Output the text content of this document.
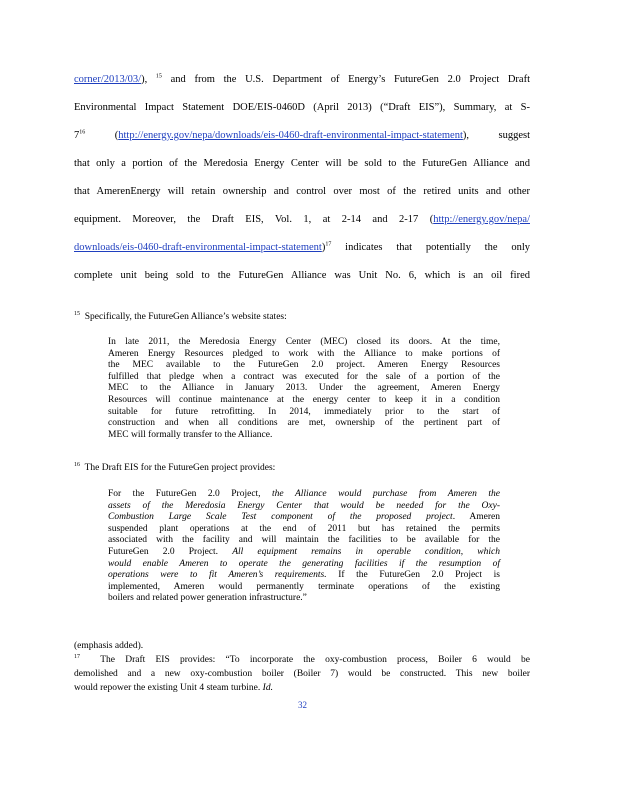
corner/2013/03/), $^{15}$ and from the U.S. Department of Energy’s FutureGen 2.0 Project Draft
Environmental Impact Statement DOE/EIS-0460D (April 2013) (“Draft EIS”), Summary, at S-
$7^{16}$ (http://energy.gov/nepa/downloads/eis-0460-draft-environmental-impact-statement), suggest
that only a portion of the Meredosia Energy Center will be sold to the FutureGen Alliance and
that AmerenEnergy will retain ownership and control over most of the retired units and other
equipment. Moreover, the Draft EIS, Vol. 1, at 2-14 and 2-17 (http://energy.gov/nepa/
downloads/eis-0460-draft-environmental-impact-statement)$^{17}$ indicates that potentially the only
complete unit being sold to the FutureGen Alliance was Unit No. 6, which is an oil fired
$^{15}$ Specifically, the FutureGen Alliance’s website states:
In late 2011, the Meredosia Energy Center (MEC) closed its doors. At the time,
Ameren Energy Resources pledged to work with the Alliance to make portions of
the MEC available to the FutureGen 2.0 project. Ameren Energy Resources
fulfilled that pledge when a contract was executed for the sale of a portion of the
MEC to the Alliance in January 2013. Under the agreement, Ameren Energy
Resources will continue maintenance at the energy center to keep it in a condition
suitable for future retrofitting. In 2014, immediately prior to the start of
construction and when all conditions are met, ownership of the pertinent part of
MEC will formally transfer to the Alliance.
$^{16}$ The Draft EIS for the FutureGen project provides:
For the FutureGen 2.0 Project, the Alliance would purchase from Ameren the
assets of the Meredosia Energy Center that would be needed for the Oxy-
Combustion Large Scale Test component of the proposed project. Ameren
suspended plant operations at the end of 2011 but has retained the permits
associated with the facility and will maintain the facilities to be available for the
FutureGen 2.0 Project. All equipment remains in operable condition, which
would enable Ameren to operate the generating facilities if the resumption of
operations were to fit Ameren’s requirements. If the FutureGen 2.0 Project is
implemented, Ameren would permanently terminate operations of the existing
boilers and related power generation infrastructure.”
(emphasis added).
$^{17}$ The Draft EIS provides: “To incorporate the oxy-combustion process, Boiler 6 would be
demolished and a new oxy-combustion boiler (Boiler 7) would be constructed. This new boiler
would repower the existing Unit 4 steam turbine. Id.
32
